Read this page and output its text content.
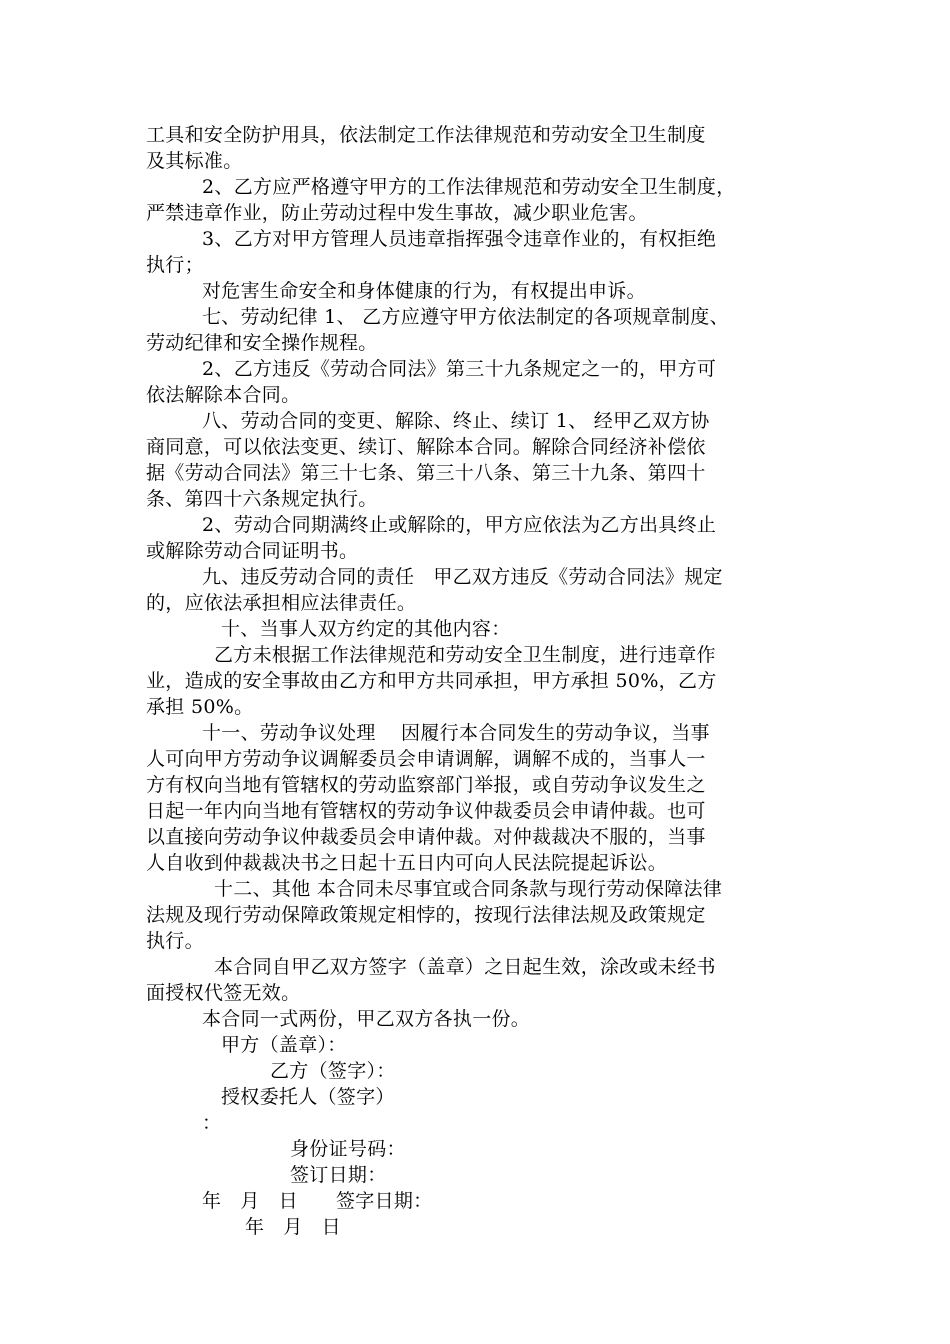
工具和安全防护用具，依法制定工作法律规范和劳动安全卫生制度
及其标准。
2、乙方应严格遵守甲方的工作法律规范和劳动安全卫生制度，
严禁违章作业，防止劳动过程中发生事故，减少职业危害。
3、乙方对甲方管理人员违章指挥强令违章作业的，有权拒绝
执行；
对危害生命安全和身体健康的行为，有权提出申诉。
七、劳动纪律 1、 乙方应遵守甲方依法制定的各项规章制度、
劳动纪律和安全操作规程。
2、乙方违反《劳动合同法》第三十九条规定之一的，甲方可
依法解除本合同。
八、劳动合同的变更、解除、终止、续订 1、 经甲乙双方协
商同意，可以依法变更、续订、解除本合同。解除合同经济补偿依
据《劳动合同法》第三十七条、第三十八条、第三十九条、第四十
条、第四十六条规定执行。
2、劳动合同期满终止或解除的，甲方应依法为乙方出具终止
或解除劳动合同证明书。
九、违反劳动合同的责任   甲乙双方违反《劳动合同法》规定
的，应依法承担相应法律责任。
十、当事人双方约定的其他内容：
乙方未根据工作法律规范和劳动安全卫生制度，进行违章作
业，造成的安全事故由乙方和甲方共同承担，甲方承担 50%，乙方
承担 50%。
十一、劳动争议处理    因履行本合同发生的劳动争议，当事
人可向甲方劳动争议调解委员会申请调解，调解不成的，当事人一
方有权向当地有管辖权的劳动监察部门举报，或自劳动争议发生之
日起一年内向当地有管辖权的劳动争议仲裁委员会申请仲裁。也可
以直接向劳动争议仲裁委员会申请仲裁。对仲裁裁决不服的，当事
人自收到仲裁裁决书之日起十五日内可向人民法院提起诉讼。
十二、其他 本合同未尽事宜或合同条款与现行劳动保障法律
法规及现行劳动保障政策规定相悖的，按现行法律法规及政策规定
执行。
本合同自甲乙双方签字（盖章）之日起生效，涂改或未经书
面授权代签无效。
本合同一式两份，甲乙双方各执一份。
甲方（盖章）：
乙方（签字）：
授权委托人（签字）
：
身份证号码：
签订日期：
年   月   日      签字日期：
年   月   日
